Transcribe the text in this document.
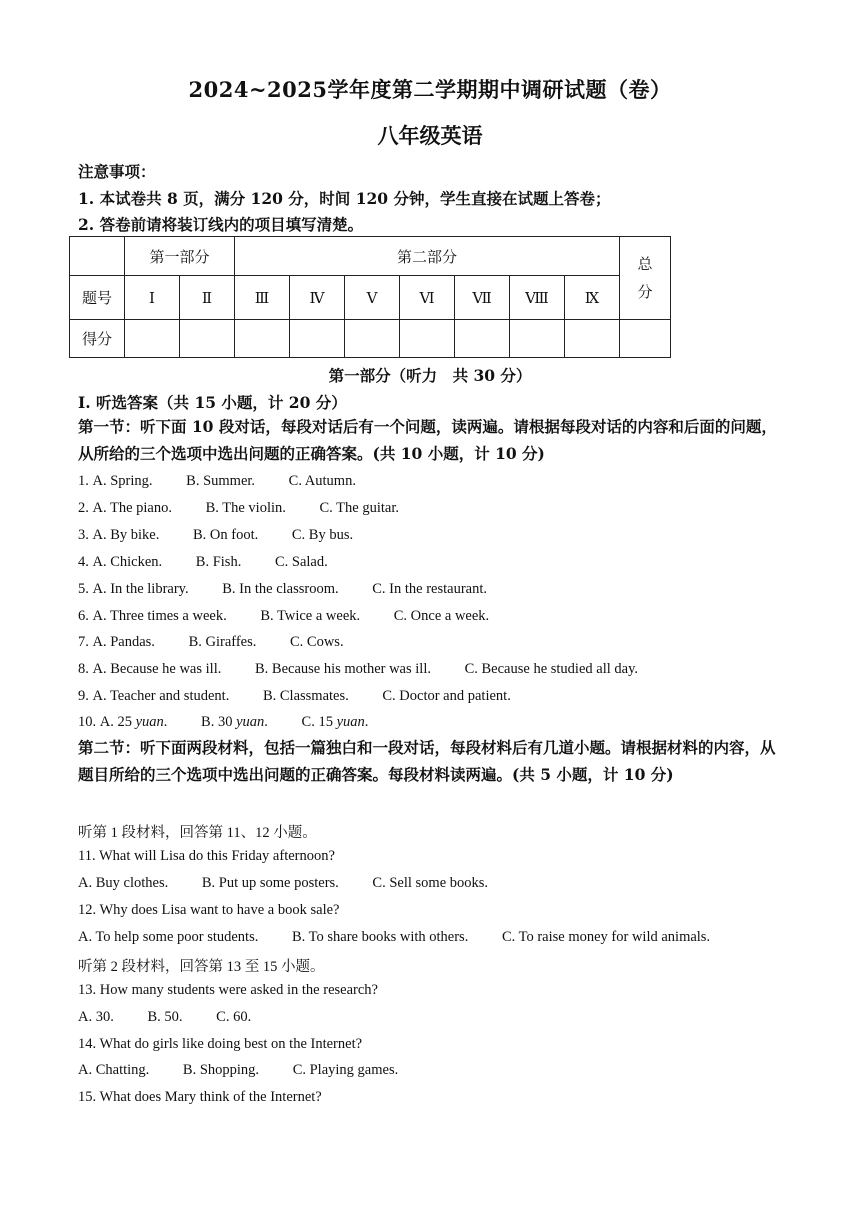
2024~2025学年度第二学期期中调研试题（卷）
八年级英语
注意事项：
1. 本试卷共 8 页，满分 120 分，时间 120 分钟，学生直接在试题上答卷；
2. 答卷前请将装订线内的项目填写清楚。
	第一部分		第二部分							总分

题号	Ⅰ	Ⅱ	Ⅲ	Ⅳ	Ⅴ	Ⅵ	Ⅶ	Ⅷ	Ⅸ	
得分										
第一部分（听力　共 30 分）
Ⅰ. 听选答案（共 15 小题，计 20 分）
第一节：听下面 10 段对话，每段对话后有一个问题，读两遍。请根据每段对话的内容和后面的问题，从所给的三个选项中选出问题的正确答案。(共 10 小题，计 10 分)
1. A. Spring. B. Summer. C. Autumn.
2. A. The piano. B. The violin. C. The guitar.
3. A. By bike. B. On foot. C. By bus.
4. A. Chicken. B. Fish. C. Salad.
5. A. In the library. B. In the classroom. C. In the restaurant.
6. A. Three times a week. B. Twice a week. C. Once a week.
7. A. Pandas. B. Giraffes. C. Cows.
8. A. Because he was ill. B. Because his mother was ill. C. Because he studied all day.
9. A. Teacher and student. B. Classmates. C. Doctor and patient.
10. A. 25 yuan. B. 30 yuan. C. 15 yuan.
第二节：听下面两段材料，包括一篇独白和一段对话，每段材料后有几道小题。请根据材料的内容，从题目所给的三个选项中选出问题的正确答案。每段材料读两遍。(共 5 小题，计 10 分)
听第 1 段材料，回答第 11、12 小题。
11. What will Lisa do this Friday afternoon?
A. Buy clothes. B. Put up some posters. C. Sell some books.
12. Why does Lisa want to have a book sale?
A. To help some poor students. B. To share books with others. C. To raise money for wild animals.
听第 2 段材料，回答第 13 至 15 小题。
13. How many students were asked in the research?
A. 30. B. 50. C. 60.
14. What do girls like doing best on the Internet?
A. Chatting. B. Shopping. C. Playing games.
15. What does Mary think of the Internet?
